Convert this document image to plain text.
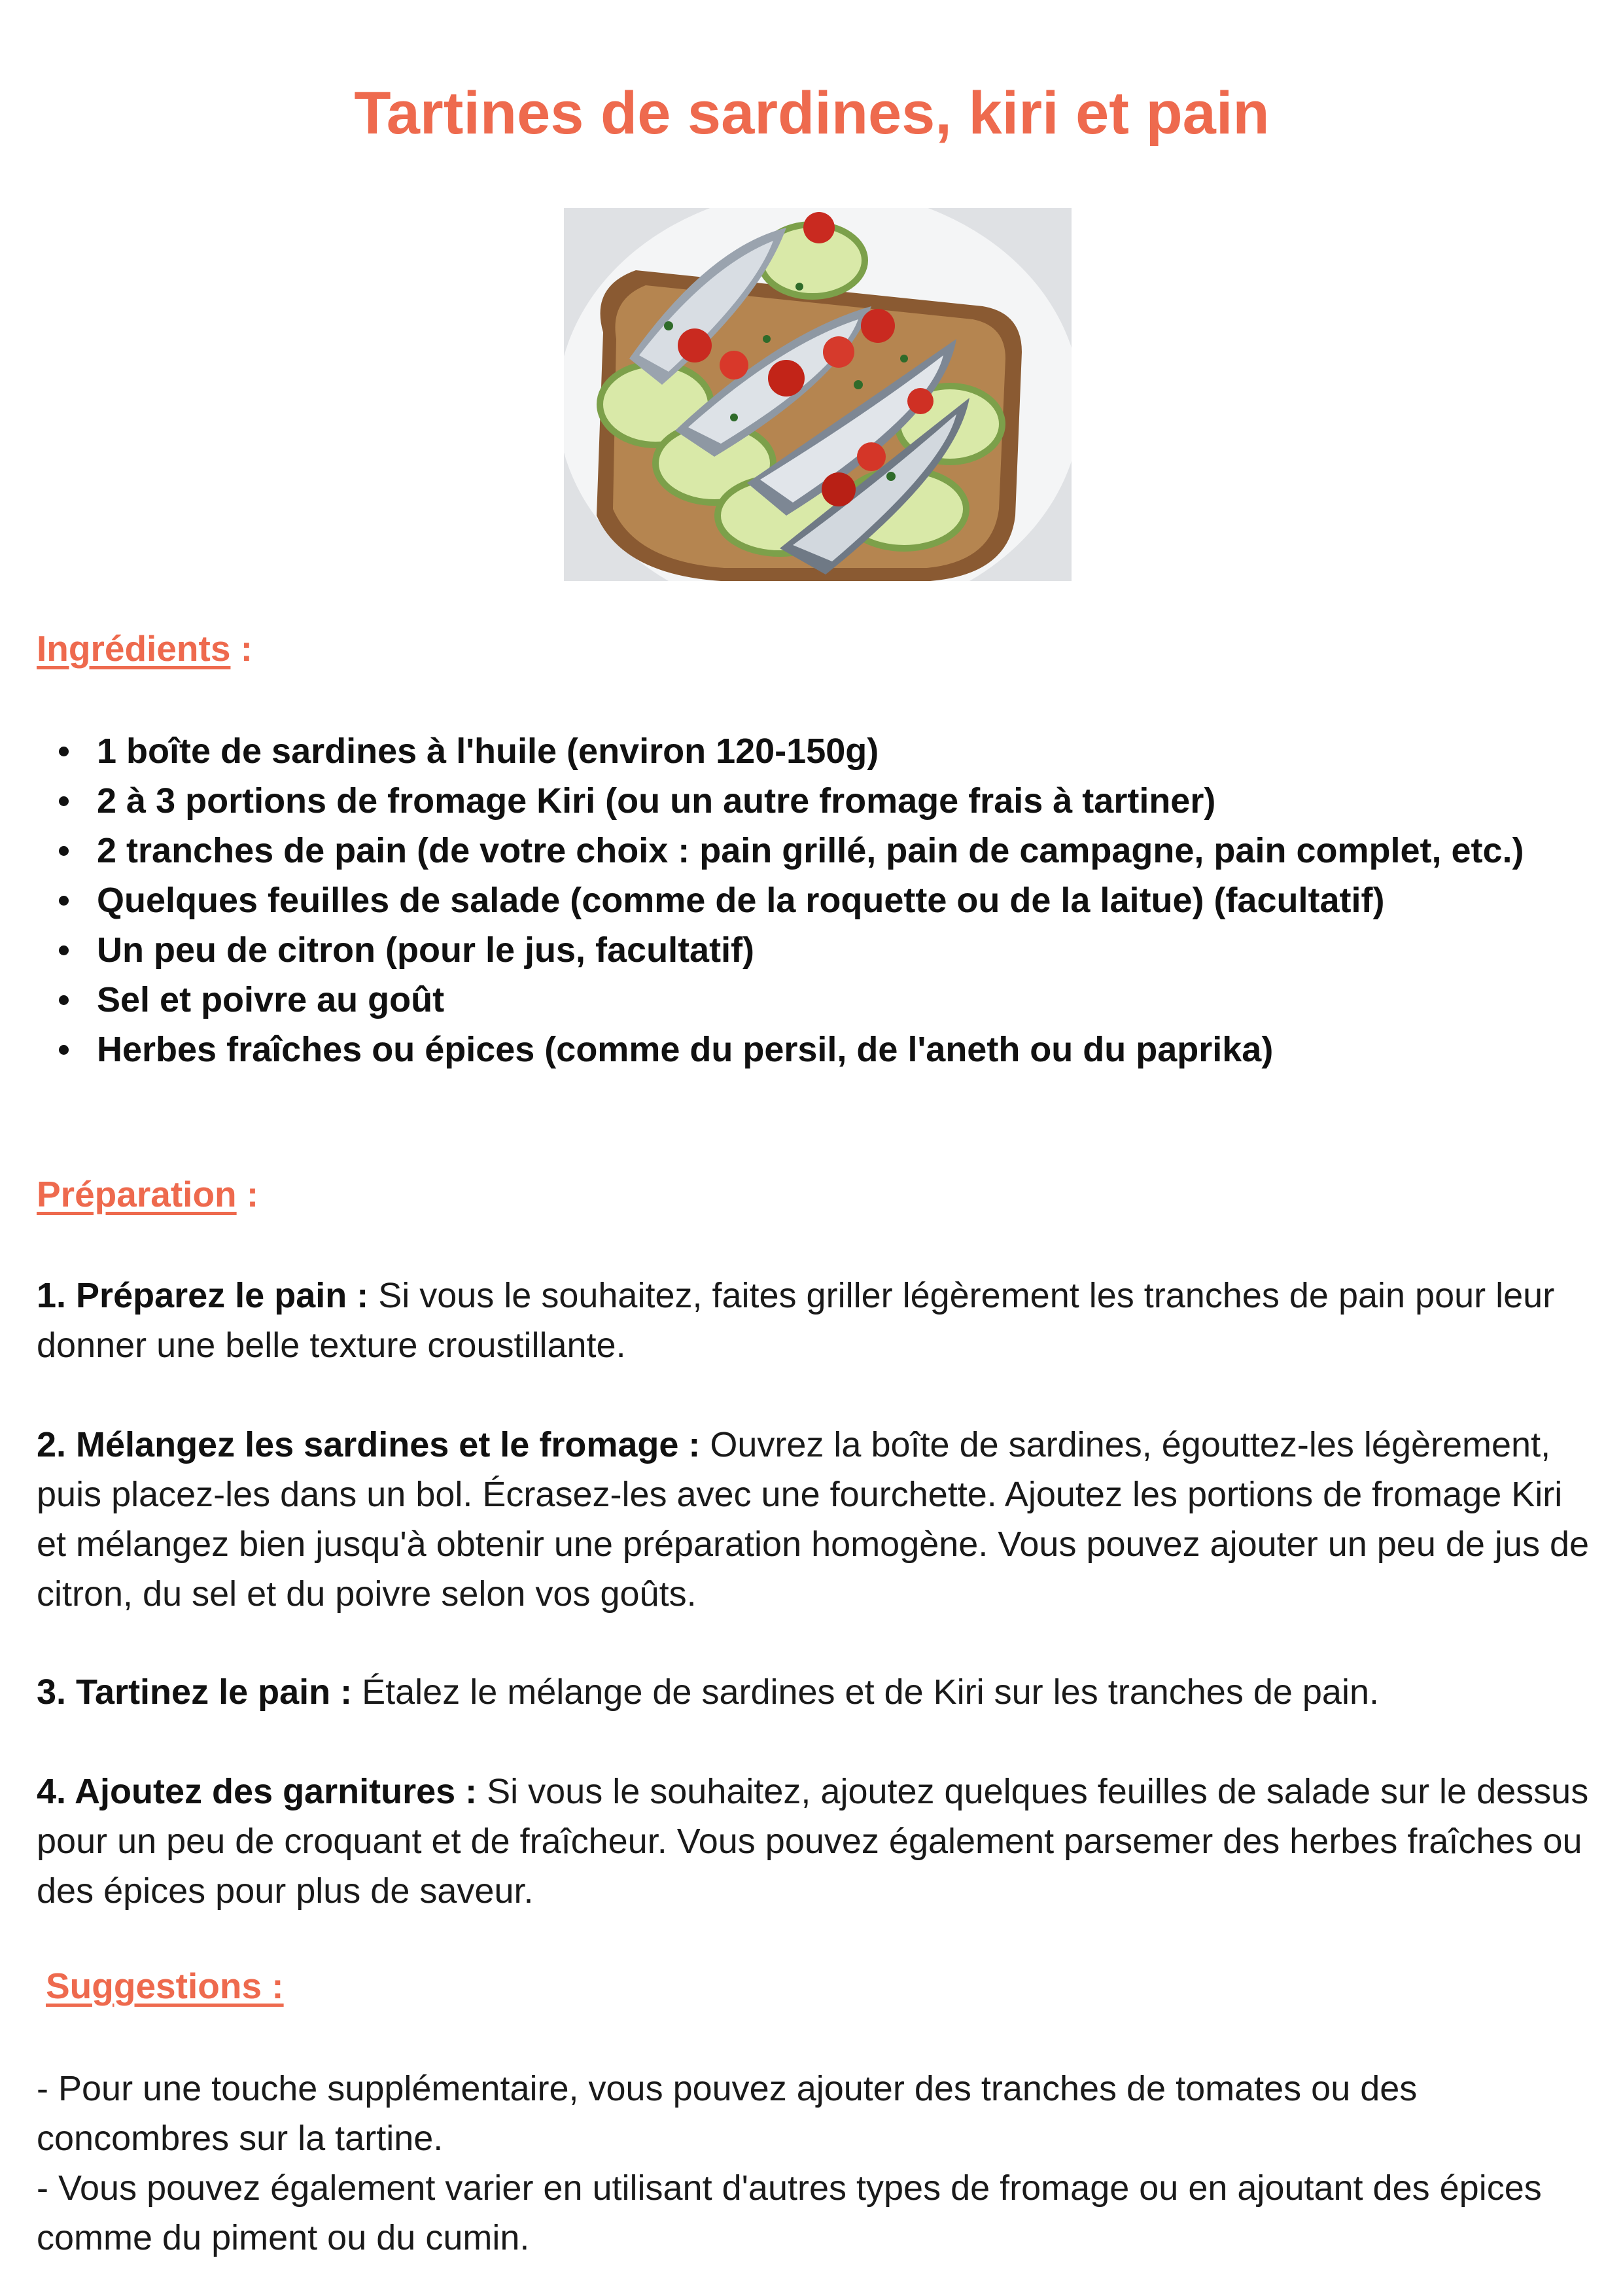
Tartines de sardines, kiri et pain
Ingrédients :
1 boîte de sardines à l'huile (environ 120-150g)
2 à 3 portions de fromage Kiri (ou un autre fromage frais à tartiner)
2 tranches de pain (de votre choix : pain grillé, pain de campagne, pain complet, etc.)
Quelques feuilles de salade (comme de la roquette ou de la laitue) (facultatif)
Un peu de citron (pour le jus, facultatif)
Sel et poivre au goût
Herbes fraîches ou épices (comme du persil, de l'aneth ou du paprika)
Préparation :

1. Préparez le pain : Si vous le souhaitez, faites griller légèrement les tranches de pain pour leur donner une belle texture croustillante.

2. Mélangez les sardines et le fromage : Ouvrez la boîte de sardines, égouttez-les légèrement, puis placez-les dans un bol. Écrasez-les avec une fourchette. Ajoutez les portions de fromage Kiri et mélangez bien jusqu'à obtenir une préparation homogène. Vous pouvez ajouter un peu de jus de citron, du sel et du poivre selon vos goûts.

3. Tartinez le pain : Étalez le mélange de sardines et de Kiri sur les tranches de pain.

4. Ajoutez des garnitures : Si vous le souhaitez, ajoutez quelques feuilles de salade sur le dessus pour un peu de croquant et de fraîcheur. Vous pouvez également parsemer des herbes fraîches ou des épices pour plus de saveur.

Suggestions :

- Pour une touche supplémentaire, vous pouvez ajouter des tranches de tomates ou des concombres sur la tartine.

- Vous pouvez également varier en utilisant d'autres types de fromage ou en ajoutant des épices comme du piment ou du cumin.
